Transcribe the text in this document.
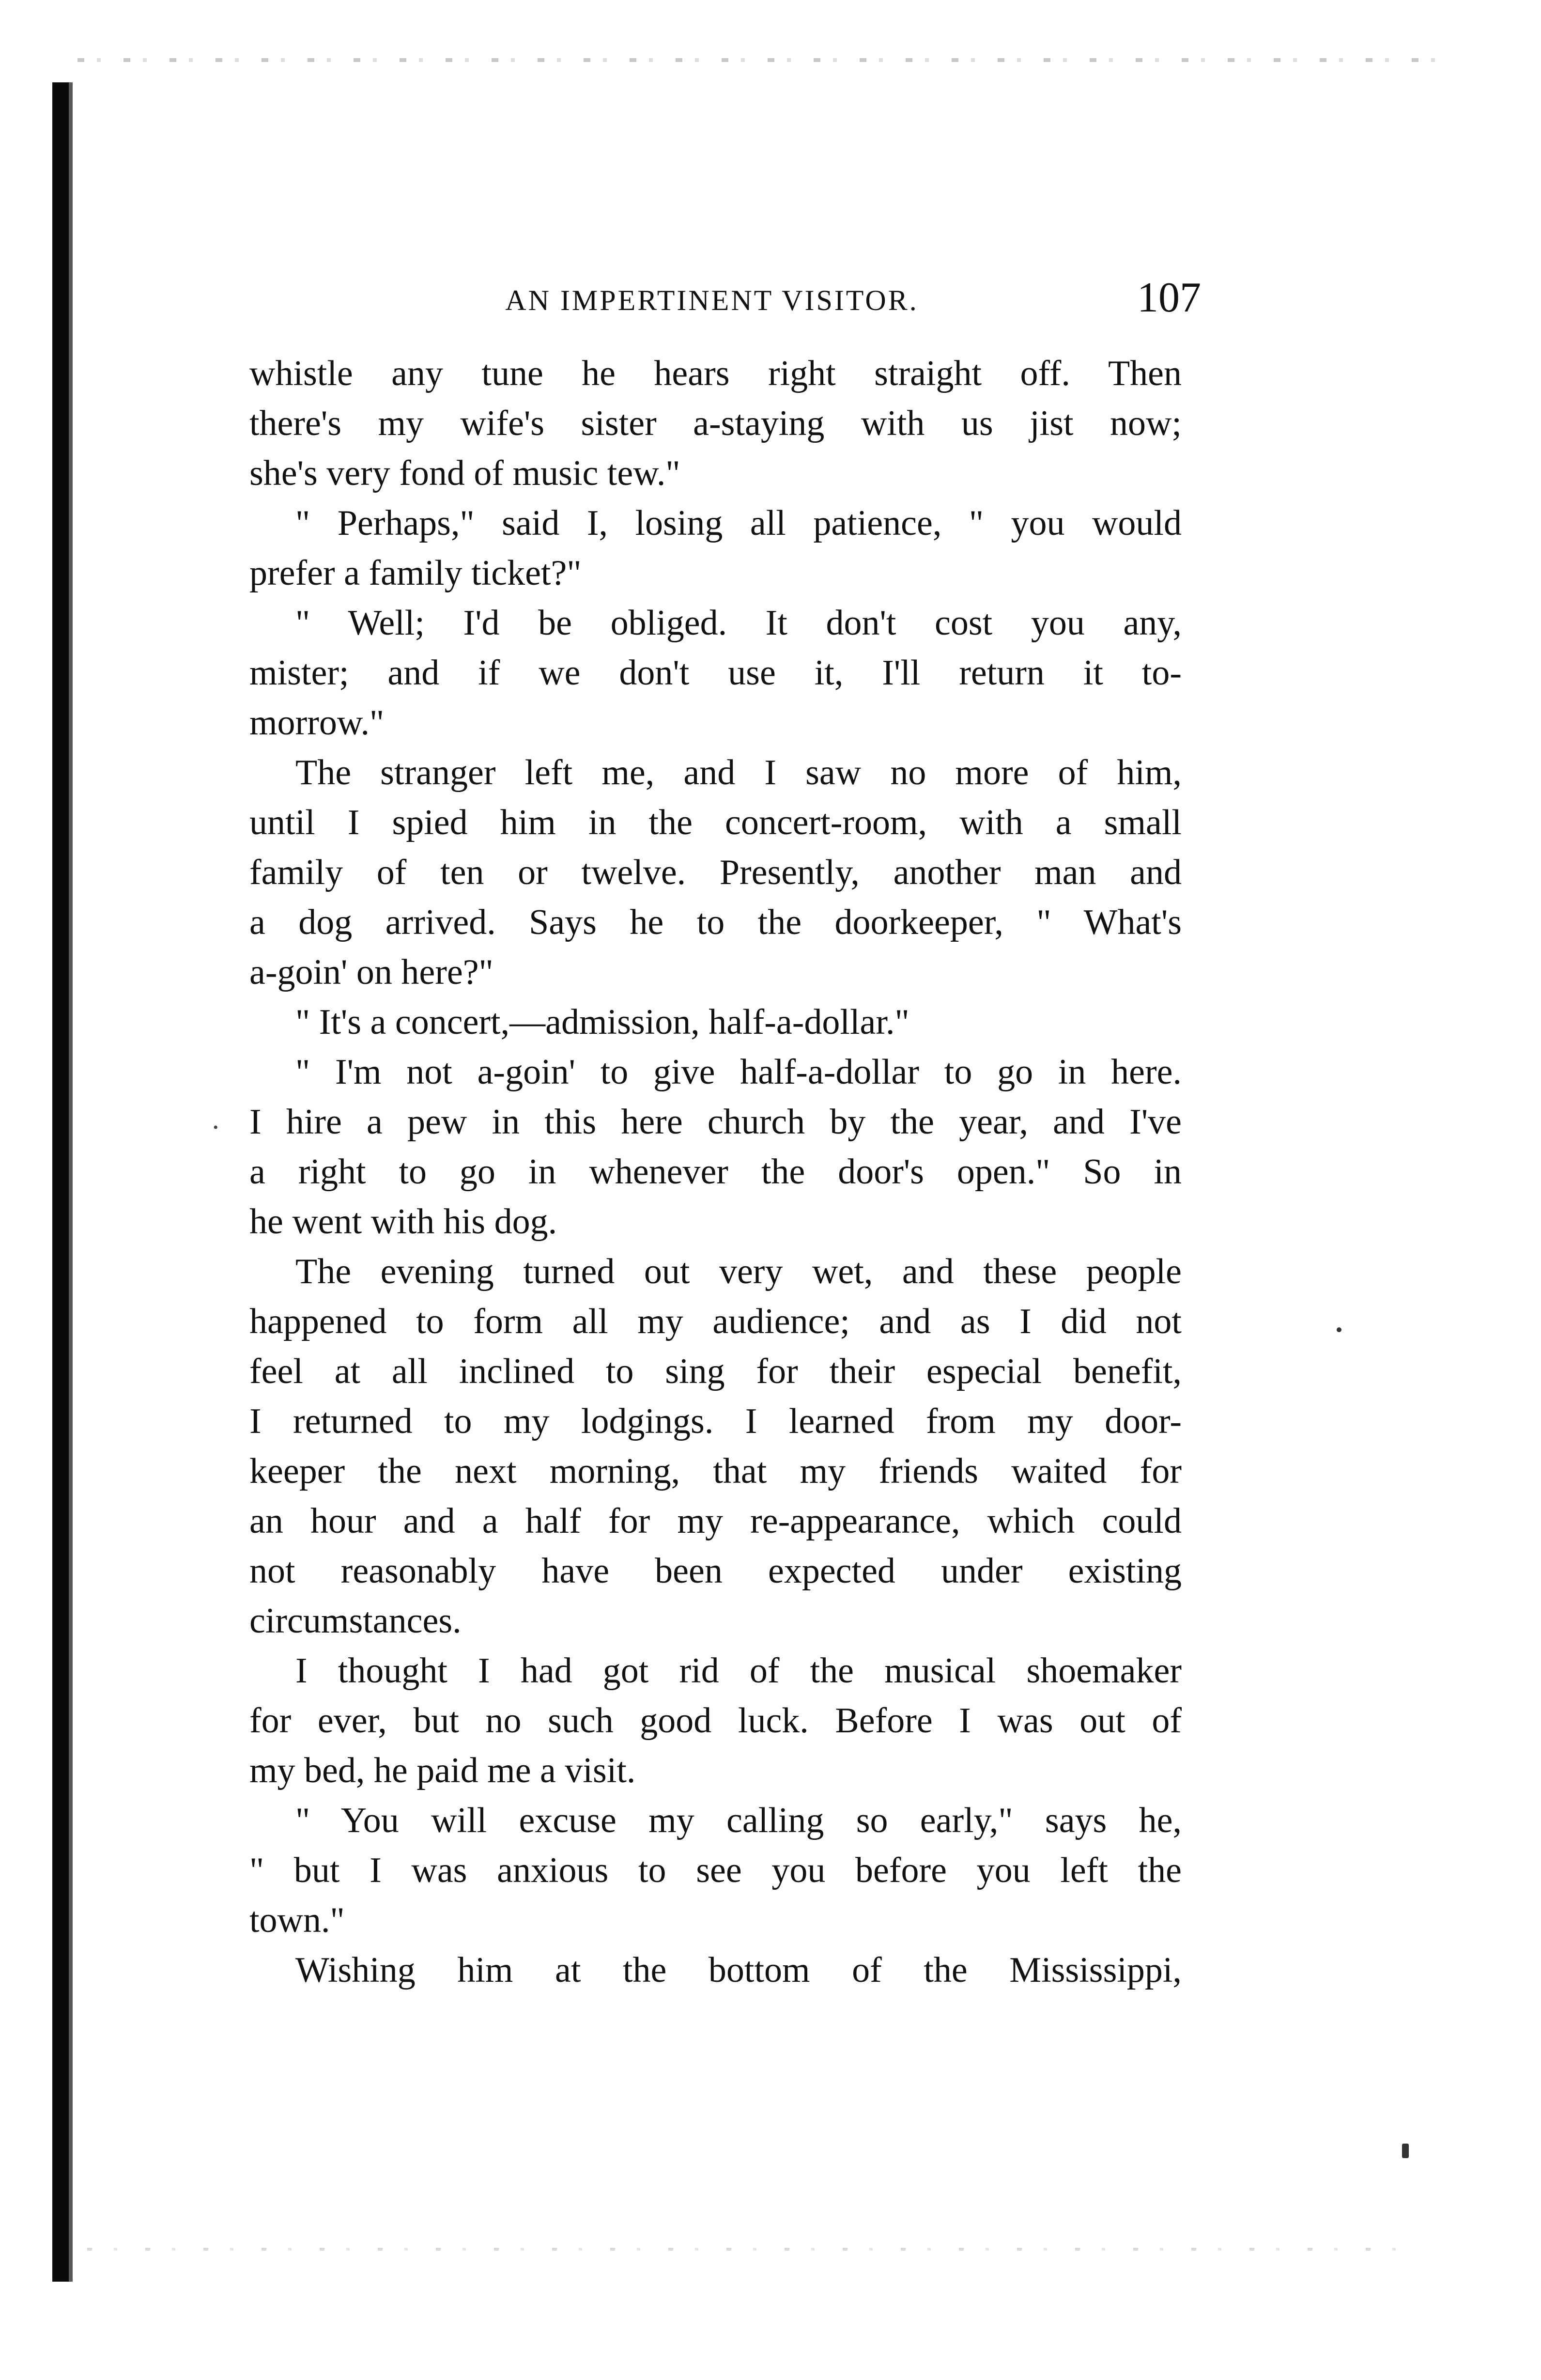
AN IMPERTINENT VISITOR.	107
•
whistle any tune he hears right straight off. Then
there's my wife's sister a-staying with us jist now;
she's very fond of music tew."
" Perhaps," said I, losing all patience, " you would
prefer a family ticket?"
" Well; I'd be obliged. It don't cost you any,
mister; and if we don't use it, I'll return it to-
morrow."
The stranger left me, and I saw no more of him,
until I spied him in the concert-room, with a small
family of ten or twelve. Presently, another man and
a dog arrived. Says he to the doorkeeper, " What's
a-goin' on here?"
" It's a concert,—admission, half-a-dollar."
" I'm not a-goin' to give half-a-dollar to go in here.
I hire a pew in this here church by the year, and I've
a right to go in whenever the door's open." So in
he went with his dog.
The evening turned out very wet, and these people
happened to form all my audience; and as I did not
feel at all inclined to sing for their especial benefit,
I returned to my lodgings. I learned from my door-
keeper the next morning, that my friends waited for
an hour and a half for my re-appearance, which could
not reasonably have been expected under existing
circumstances.
I thought I had got rid of the musical shoemaker
for ever, but no such good luck. Before I was out of
my bed, he paid me a visit.
" You will excuse my calling so early," says he,
" but I was anxious to see you before you left the
town."
Wishing him at the bottom of the Mississippi,
